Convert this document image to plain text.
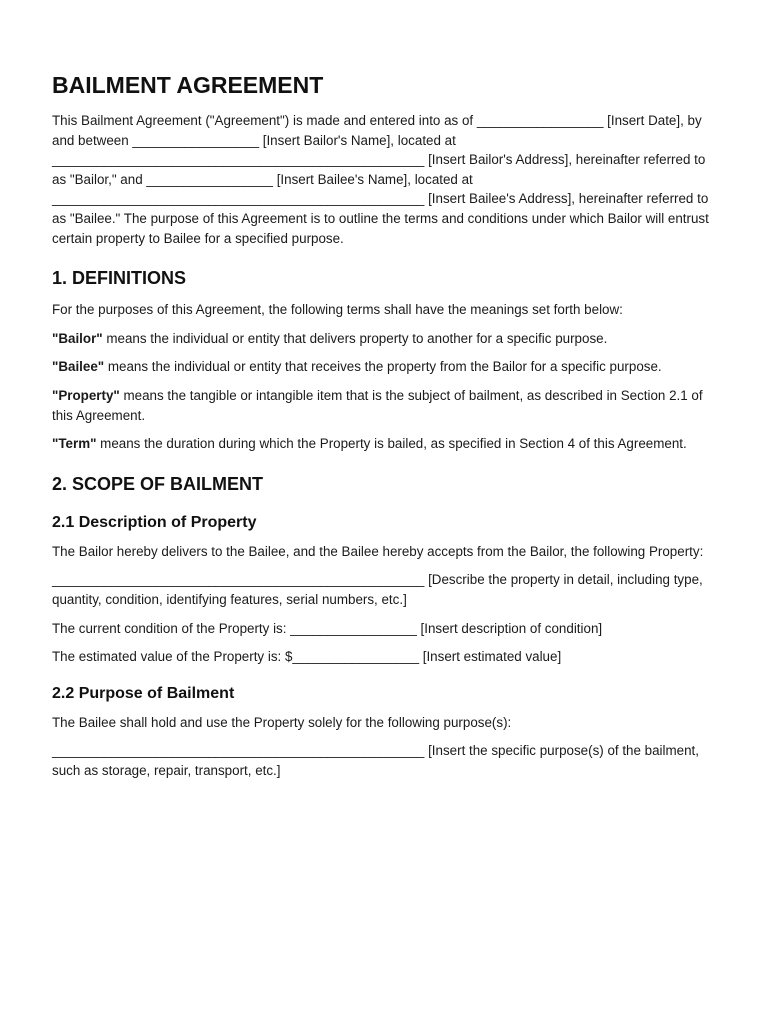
BAILMENT AGREEMENT

This Bailment Agreement ("Agreement") is made and entered into as of _________________ [Insert Date], by and between _________________ [Insert Bailor's Name], located at __________________________________________________ [Insert Bailor's Address], hereinafter referred to as "Bailor," and _________________ [Insert Bailee's Name], located at __________________________________________________ [Insert Bailee's Address], hereinafter referred to as "Bailee." The purpose of this Agreement is to outline the terms and conditions under which Bailor will entrust certain property to Bailee for a specified purpose.

1. DEFINITIONS

For the purposes of this Agreement, the following terms shall have the meanings set forth below:

"Bailor" means the individual or entity that delivers property to another for a specific purpose.

"Bailee" means the individual or entity that receives the property from the Bailor for a specific purpose.

"Property" means the tangible or intangible item that is the subject of bailment, as described in Section 2.1 of this Agreement.

"Term" means the duration during which the Property is bailed, as specified in Section 4 of this Agreement.

2. SCOPE OF BAILMENT
2.1 Description of Property

The Bailor hereby delivers to the Bailee, and the Bailee hereby accepts from the Bailor, the following Property:

__________________________________________________ [Describe the property in detail, including type, quantity, condition, identifying features, serial numbers, etc.]

The current condition of the Property is: _________________ [Insert description of condition]

The estimated value of the Property is: $_________________ [Insert estimated value]

2.2 Purpose of Bailment

The Bailee shall hold and use the Property solely for the following purpose(s):

__________________________________________________ [Insert the specific purpose(s) of the bailment, such as storage, repair, transport, etc.]
